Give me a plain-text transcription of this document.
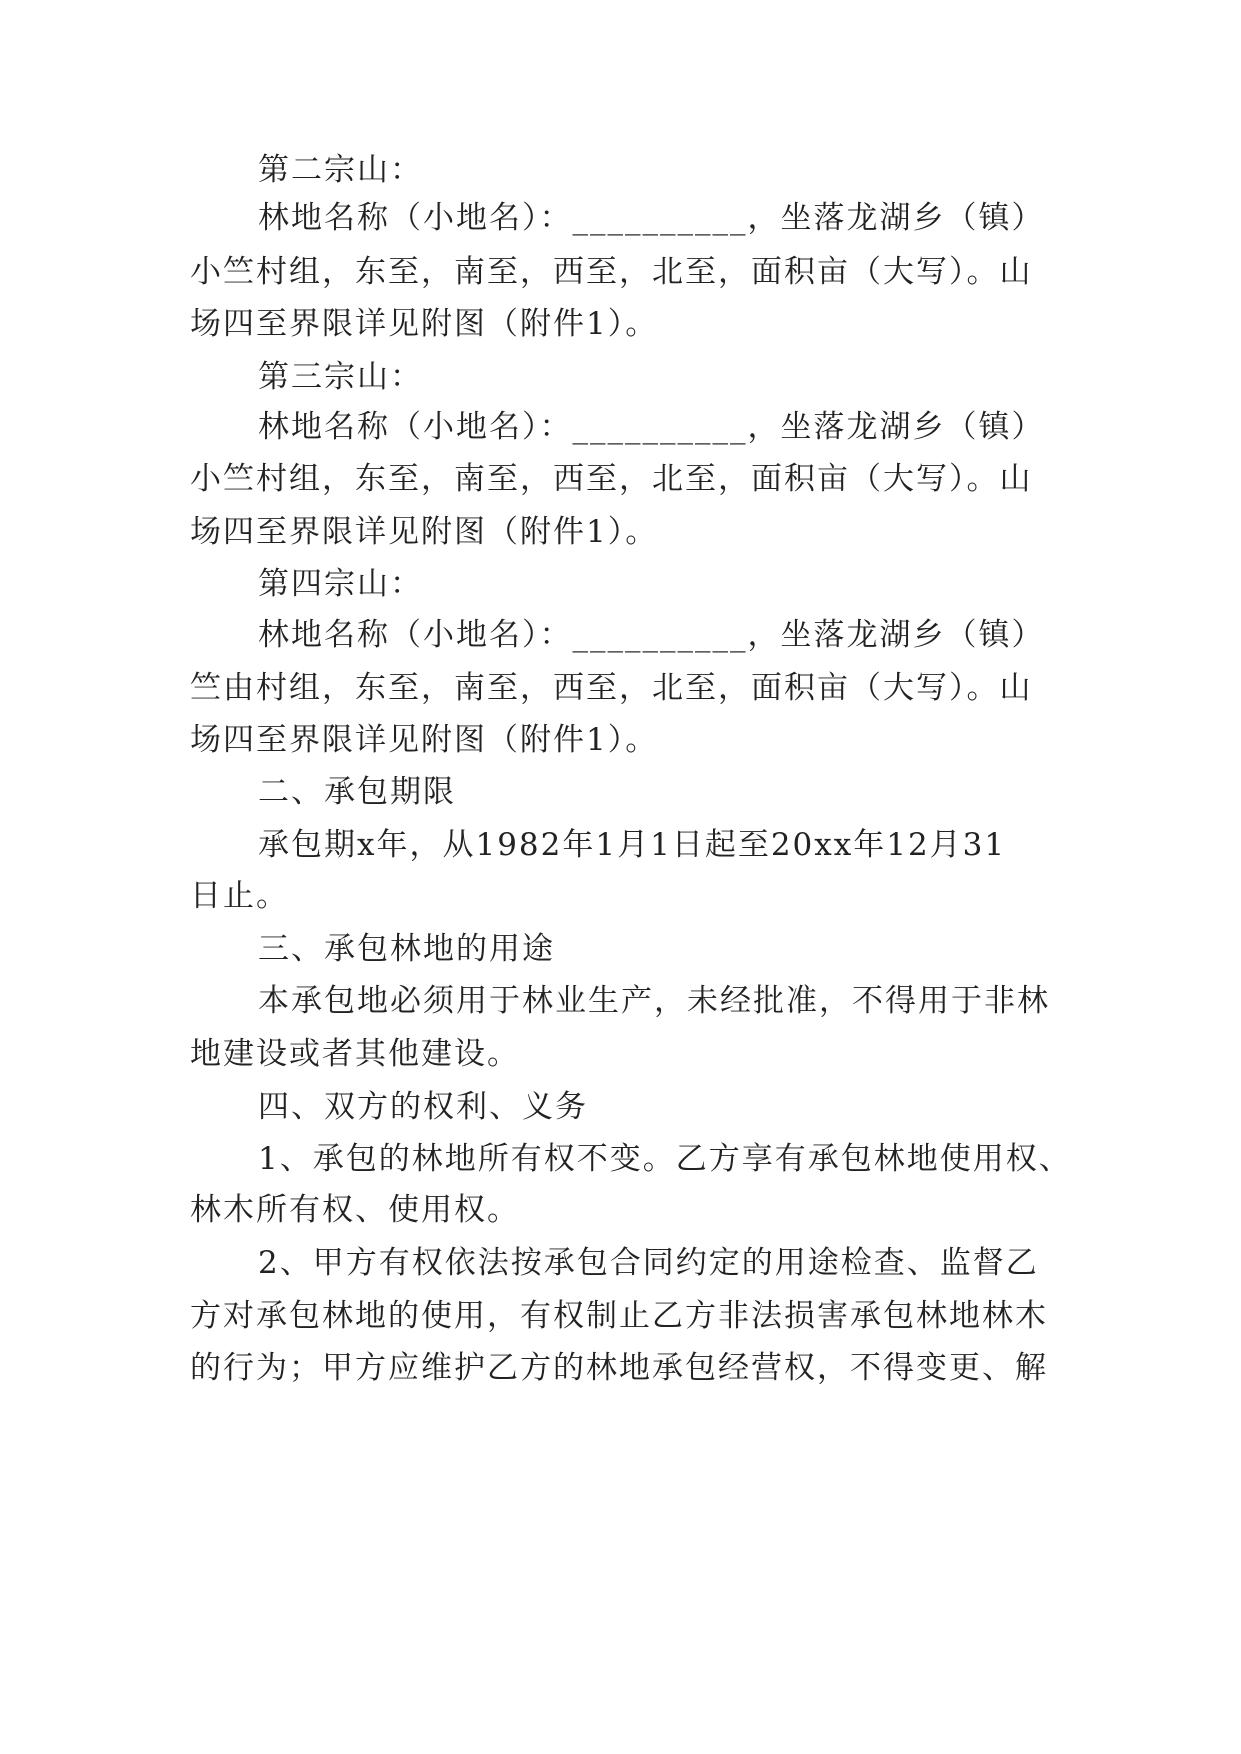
第二宗山：

林地名称（小地名）：__________，坐落龙湖乡（镇）

小竺村组，东至，南至，西至，北至，面积亩（大写）。山

场四至界限详见附图（附件1）。

第三宗山：

林地名称（小地名）：__________，坐落龙湖乡（镇）

小竺村组，东至，南至，西至，北至，面积亩（大写）。山

场四至界限详见附图（附件1）。

第四宗山：

林地名称（小地名）：__________，坐落龙湖乡（镇）

竺由村组，东至，南至，西至，北至，面积亩（大写）。山

场四至界限详见附图（附件1）。

二、承包期限

承包期x年，从1982年1月1日起至20xx年12月31

日止。

三、承包林地的用途

本承包地必须用于林业生产，未经批准，不得用于非林

地建设或者其他建设。

四、双方的权利、义务

1、承包的林地所有权不变。乙方享有承包林地使用权、

林木所有权、使用权。

2、甲方有权依法按承包合同约定的用途检查、监督乙

方对承包林地的使用，有权制止乙方非法损害承包林地林木

的行为；甲方应维护乙方的林地承包经营权，不得变更、解
